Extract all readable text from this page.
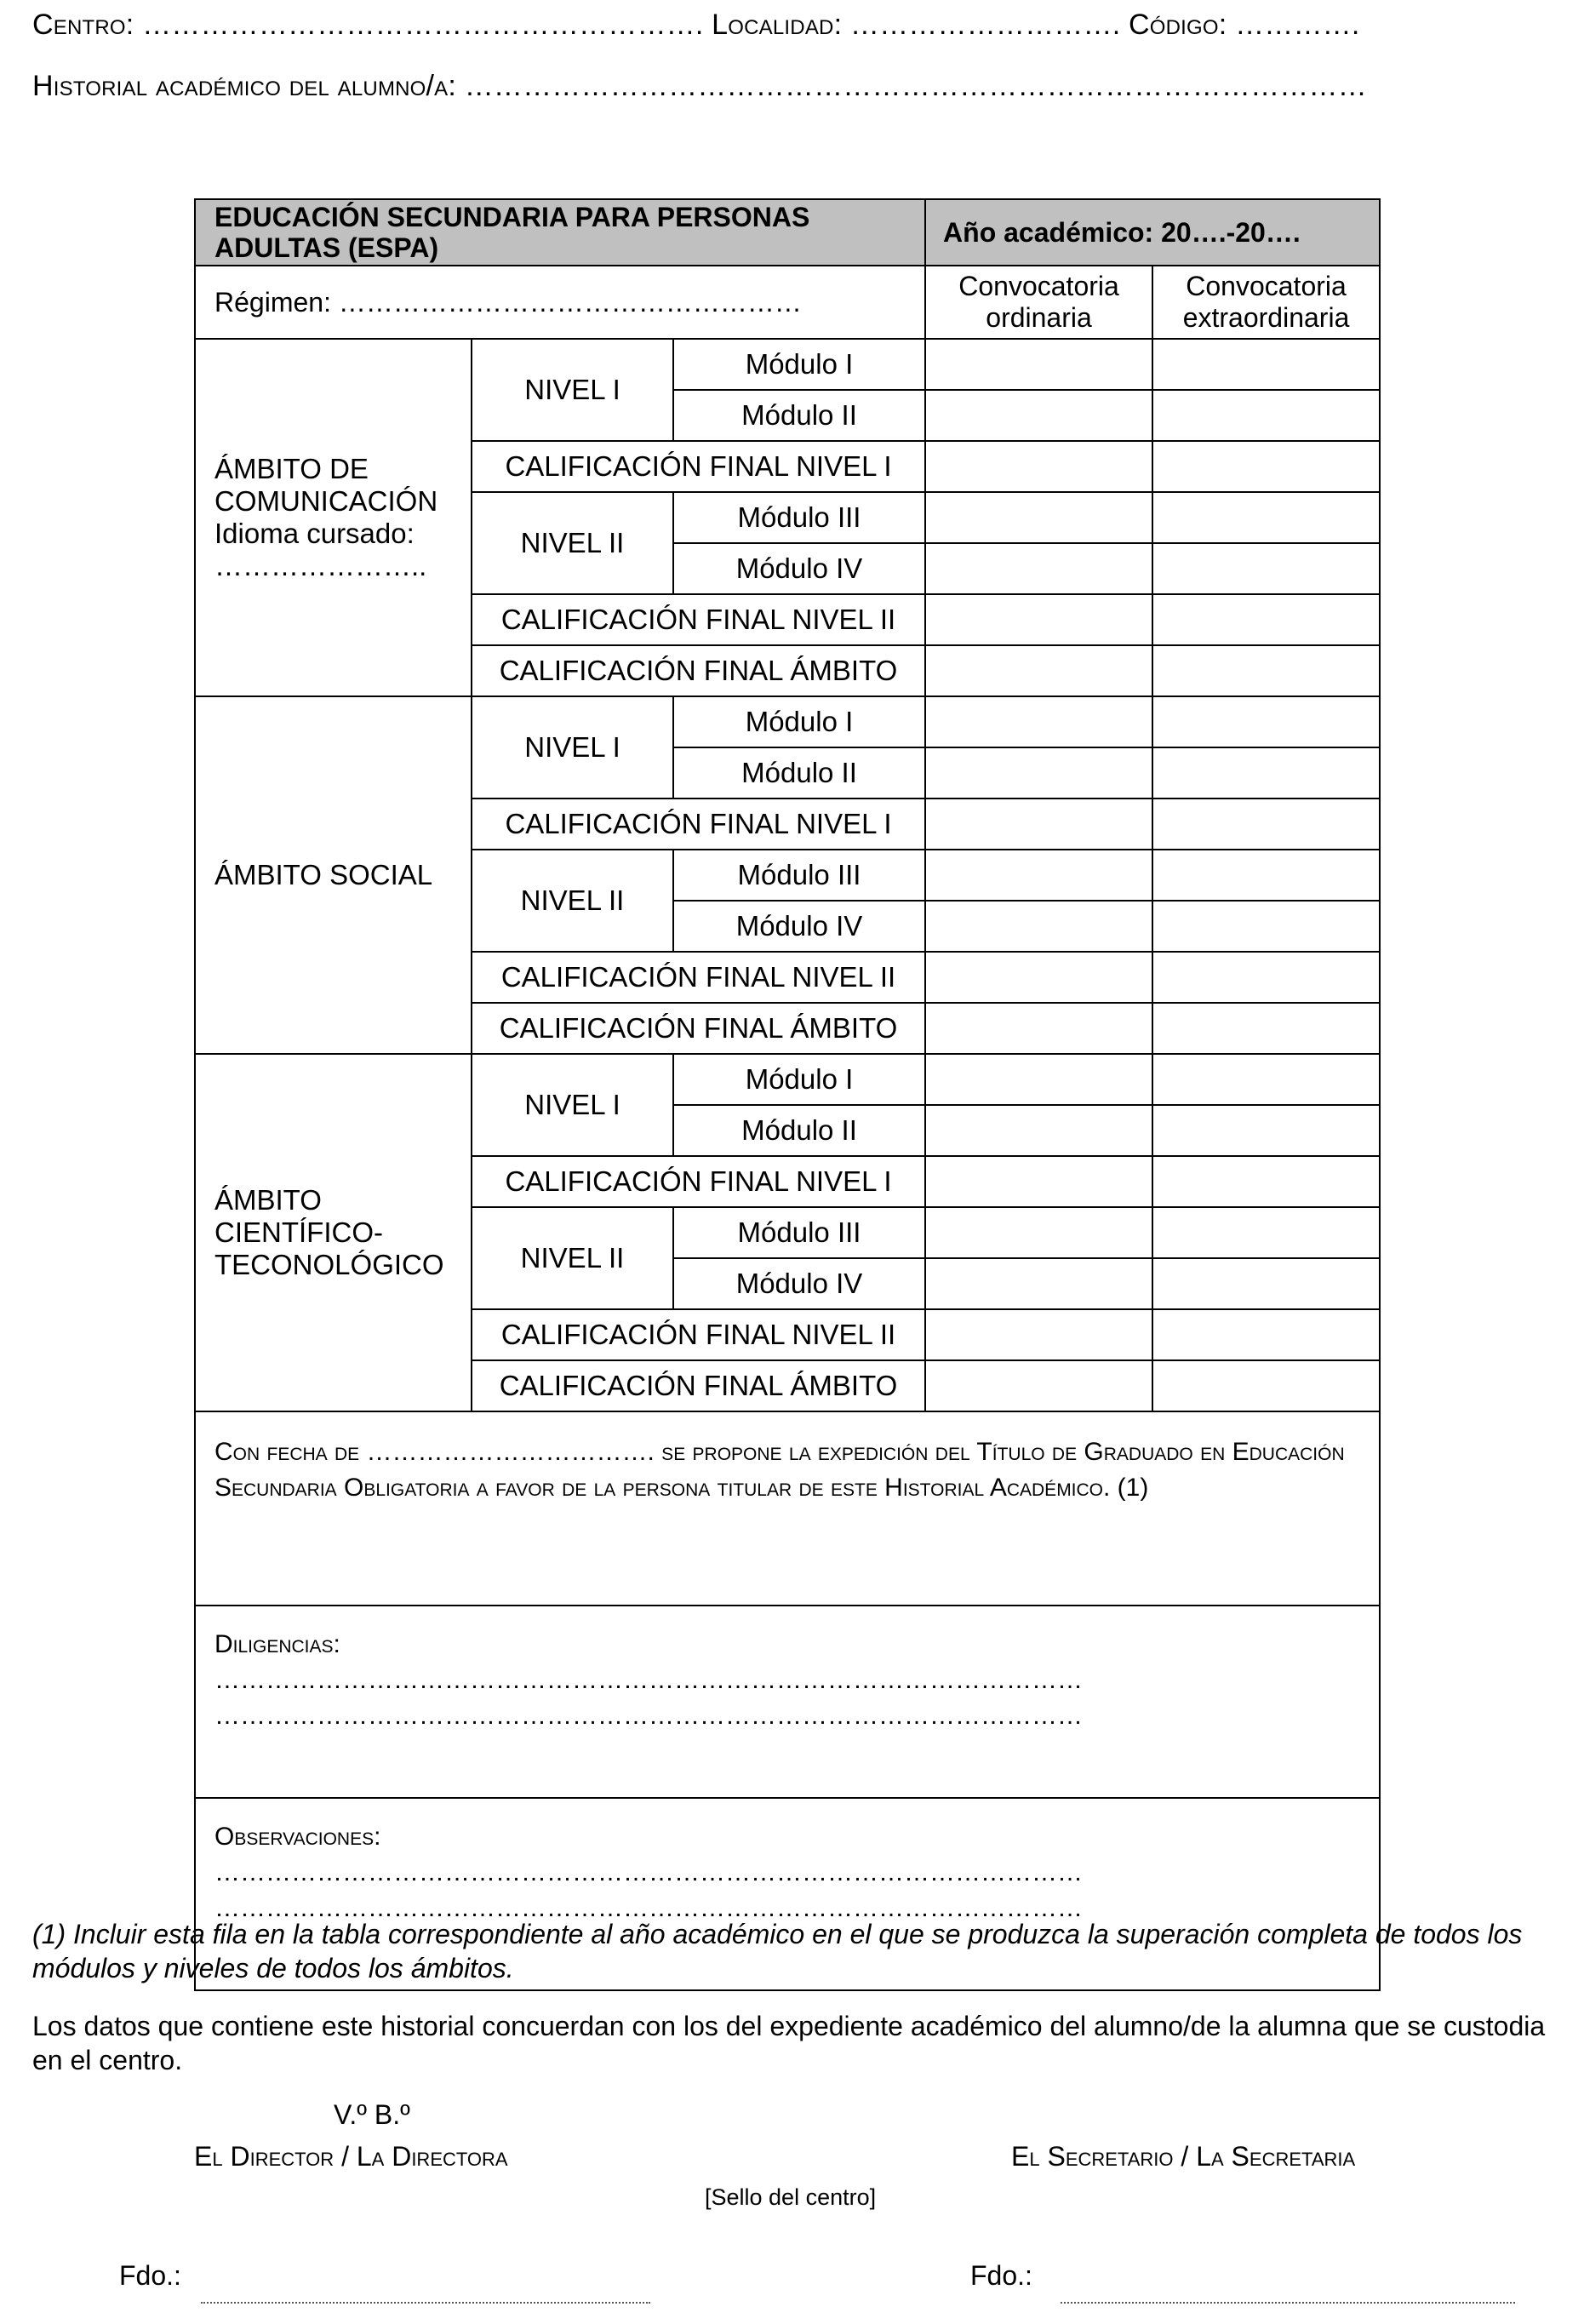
Centro: …………………………………………………. Localidad: ………………………. Código: ………….
Historial académico del alumno/a: …………………………………………………………………………………
EDUCACIÓN SECUNDARIA PARA PERSONAS ADULTAS (ESPA)			Año académico: 20….-20….	
Régimen: ……………………………………………			Convocatoria ordinaria	Convocatoria extraordinaria

ÁMBITO DE
COMUNICACIÓN
Idioma cursado:
…………………..	NIVEL I	Módulo I		
		Módulo II		
	CALIFICACIÓN FINAL NIVEL I			
	NIVEL II	Módulo III		
		Módulo IV		
	CALIFICACIÓN FINAL NIVEL II			
	CALIFICACIÓN FINAL ÁMBITO			

ÁMBITO SOCIAL	NIVEL I	Módulo I		
		Módulo II		
	CALIFICACIÓN FINAL NIVEL I			
	NIVEL II	Módulo III		
		Módulo IV		
	CALIFICACIÓN FINAL NIVEL II			
	CALIFICACIÓN FINAL ÁMBITO			

ÁMBITO
CIENTÍFICO-
TECONOLÓGICO	NIVEL I	Módulo I		
		Módulo II		
	CALIFICACIÓN FINAL NIVEL I			
	NIVEL II	Módulo III		
		Módulo IV		
	CALIFICACIÓN FINAL NIVEL II			
	CALIFICACIÓN FINAL ÁMBITO			

Con fecha de ……………………………. se propone la expedición del Título de Graduado en Educación Secundaria Obligatoria a favor de la persona titular de este Historial Académico. (1)				

Diligencias:
…………………………………………………………………………………………
…………………………………………………………………………………………				

Observaciones:
…………………………………………………………………………………………
…………………………………………………………………………………………				
(1) Incluir esta fila en la tabla correspondiente al año académico en el que se produzca la superación completa de todos los módulos y niveles de todos los ámbitos.
Los datos que contiene este historial concuerdan con los del expediente académico del alumno/de la alumna que se custodia en el centro.
V.º B.º
El Director / La Directora	El Secretario / La Secretaria
[Sello del centro]
Fdo.:	Fdo.:
